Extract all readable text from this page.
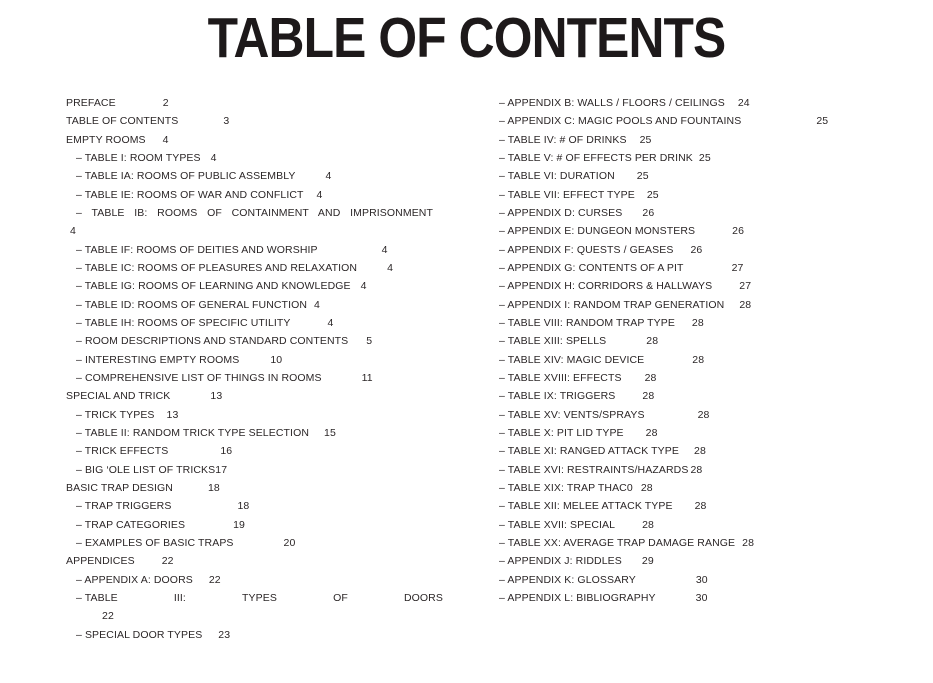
TABLE OF CONTENTS
PREFACE	2
TABLE OF CONTENTS	3
EMPTY ROOMS 4
– TABLE I: ROOM TYPES 4
– TABLE IA: ROOMS OF PUBLIC ASSEMBLY	4
– TABLE IE: ROOMS OF WAR AND CONFLICT 4
– TABLE IB: ROOMS OF CONTAINMENT AND IMPRISONMENT
4
– TABLE IF: ROOMS OF DEITIES AND WORSHIP	4
– TABLE IC: ROOMS OF PLEASURES AND RELAXATION	4
– TABLE IG: ROOMS OF LEARNING AND KNOWLEDGE 4
– TABLE ID: ROOMS OF GENERAL FUNCTION 4
– TABLE IH: ROOMS OF SPECIFIC UTILITY	4
– ROOM DESCRIPTIONS AND STANDARD CONTENTS 5
– INTERESTING EMPTY ROOMS	10
– COMPREHENSIVE LIST OF THINGS IN ROOMS	11
SPECIAL AND TRICK	13
– TRICK TYPES 13
– TABLE II: RANDOM TRICK TYPE SELECTION 15
– TRICK EFFECTS	16
– BIG ‘OLE LIST OF TRICKS17
BASIC TRAP DESIGN	18
– TRAP TRIGGERS	18
– TRAP CATEGORIES	19
– EXAMPLES OF BASIC TRAPS	20
APPENDICES	22
– APPENDIX A: DOORS 22
– TABLE	III:	TYPES	OF	DOORS
22
– SPECIAL DOOR TYPES 23
– APPENDIX B: WALLS / FLOORS / CEILINGS 24
– APPENDIX C: MAGIC POOLS AND FOUNTAINS	25
– TABLE IV: # OF DRINKS 25
– TABLE V: # OF EFFECTS PER DRINK 25
– TABLE VI: DURATION 25
– TABLE VII: EFFECT TYPE 25
– APPENDIX D: CURSES 26
– APPENDIX E: DUNGEON MONSTERS	26
– APPENDIX F: QUESTS / GEASES 26
– APPENDIX G: CONTENTS OF A PIT	27
– APPENDIX H: CORRIDORS & HALLWAYS	27
– APPENDIX I: RANDOM TRAP GENERATION 28
– TABLE VIII: RANDOM TRAP TYPE 28
– TABLE XIII: SPELLS	28
– TABLE XIV: MAGIC DEVICE	28
– TABLE XVIII: EFFECTS 28
– TABLE IX: TRIGGERS	28
– TABLE XV: VENTS/SPRAYS	28
– TABLE X: PIT LID TYPE 28
– TABLE XI: RANGED ATTACK TYPE 28
– TABLE XVI: RESTRAINTS/HAZARDS 28
– TABLE XIX: TRAP THAC0 28
– TABLE XII: MELEE ATTACK TYPE 28
– TABLE XVII: SPECIAL	28
– TABLE XX: AVERAGE TRAP DAMAGE RANGE 28
– APPENDIX J: RIDDLES 29
– APPENDIX K: GLOSSARY	30
– APPENDIX L: BIBLIOGRAPHY	30
